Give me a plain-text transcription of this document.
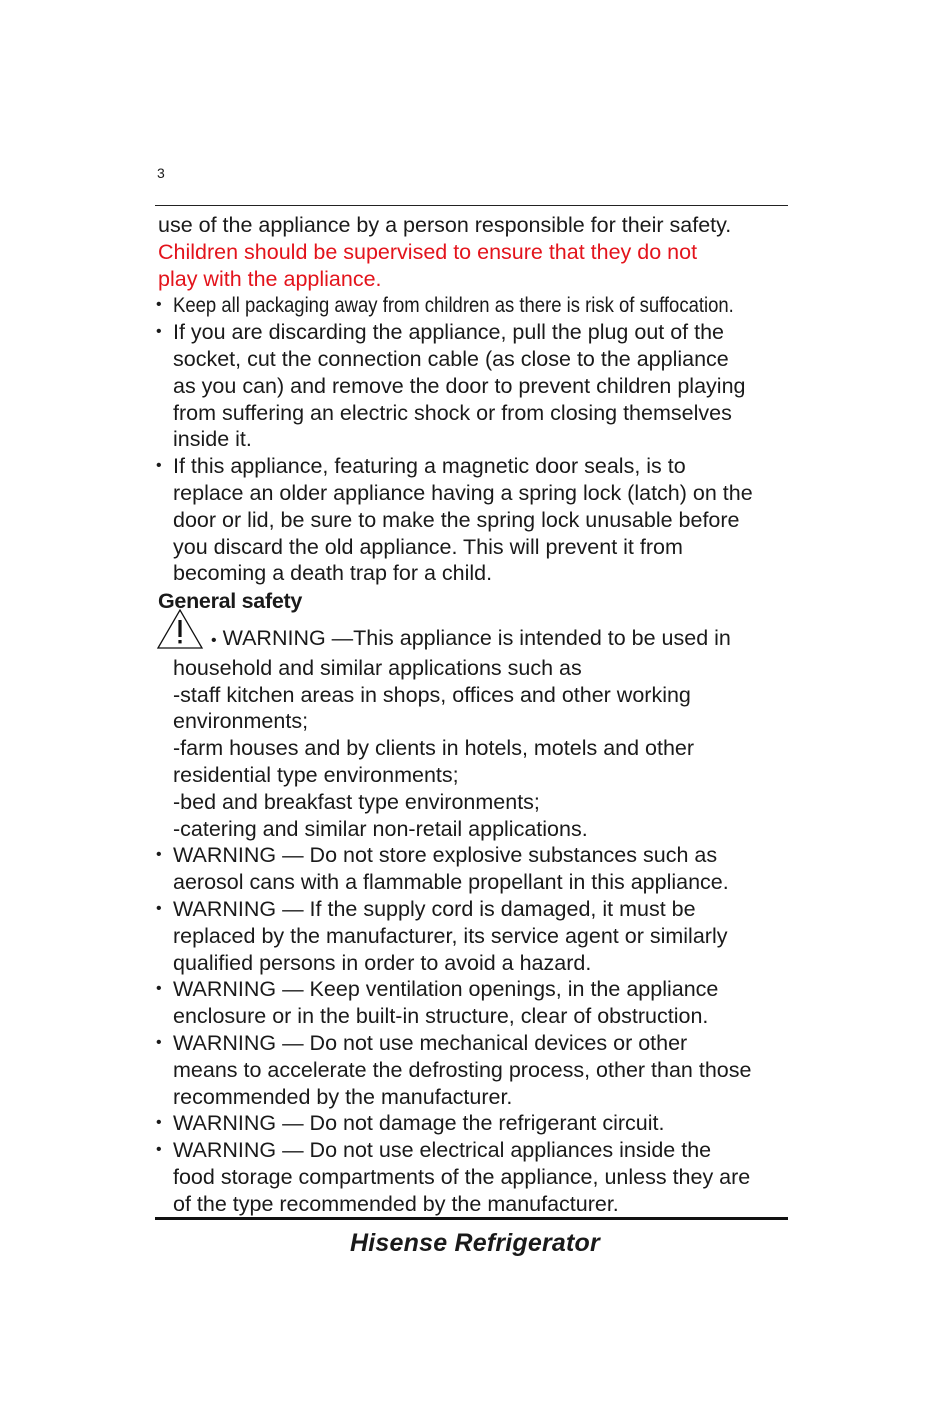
3
use of the appliance by a person responsible for their safety.
Children should be supervised to ensure that they do not
play with the appliance.
• Keep all packaging away from children as there is risk of suffocation.
• If you are discarding the appliance, pull the plug out of the
socket, cut the connection cable (as close to the appliance
as you can) and remove the door to prevent children playing
from suffering an electric shock or from closing themselves
inside it.
• If this appliance, featuring a magnetic door seals, is to
replace an older appliance having a spring lock (latch) on the
door or lid, be sure to make the spring lock unusable before
you discard the old appliance. This will prevent it from
becoming a death trap for a child.
General safety
• WARNING —This appliance is intended to be used in
household and similar applications such as
-staff kitchen areas in shops, offices and other working
environments;
-farm houses and by clients in hotels, motels and other
residential type environments;
-bed and breakfast type environments;
-catering and similar non-retail applications.
• WARNING — Do not store explosive substances such as
aerosol cans with a flammable propellant in this appliance.
• WARNING — If the supply cord is damaged, it must be
replaced by the manufacturer, its service agent or similarly
qualified persons in order to avoid a hazard.
• WARNING — Keep ventilation openings, in the appliance
enclosure or in the built-in structure, clear of obstruction.
• WARNING — Do not use mechanical devices or other
means to accelerate the defrosting process, other than those
recommended by the manufacturer.
• WARNING — Do not damage the refrigerant circuit.
• WARNING — Do not use electrical appliances inside the
food storage compartments of the appliance, unless they are
of the type recommended by the manufacturer.
Hisense Refrigerator
